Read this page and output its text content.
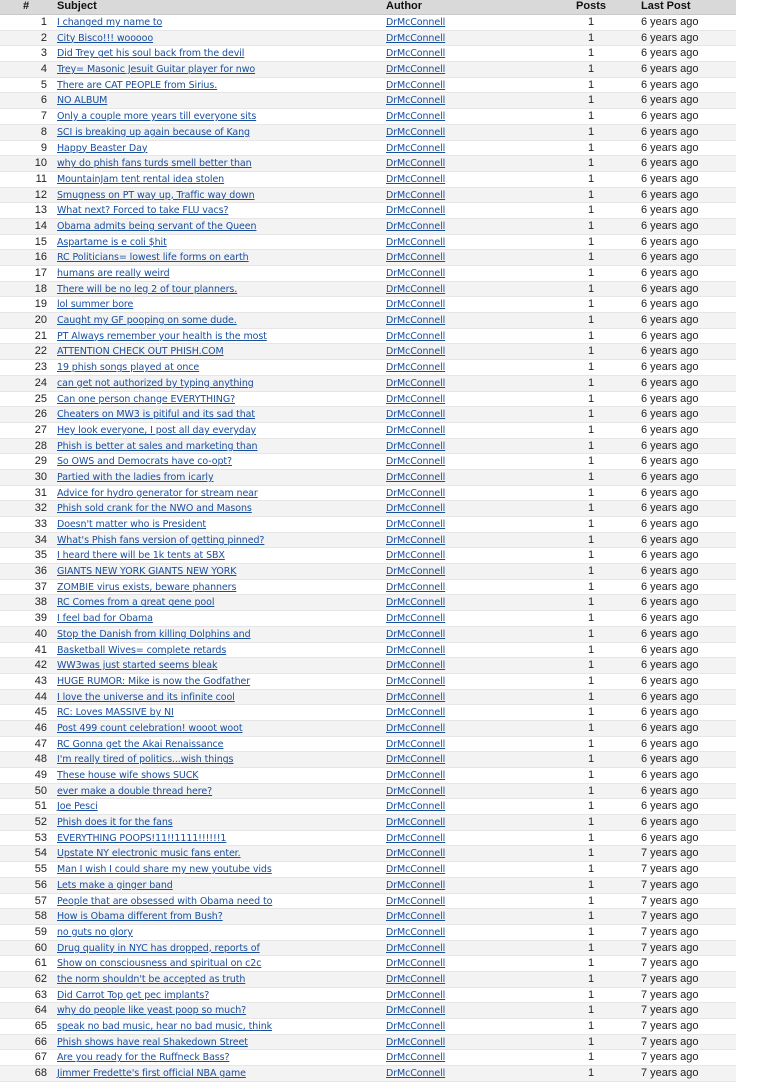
#	Subject	Author	Posts	Last Post
1	I changed my name to	DrMcConnell	1	6 years ago
2	City Bisco!!! wooooo	DrMcConnell	1	6 years ago
3	Did Trey get his soul back from the devil	DrMcConnell	1	6 years ago
4	Trey= Masonic Jesuit Guitar player for nwo	DrMcConnell	1	6 years ago
5	There are CAT PEOPLE from Sirius.	DrMcConnell	1	6 years ago
6	NO ALBUM	DrMcConnell	1	6 years ago
7	Only a couple more years till everyone sits	DrMcConnell	1	6 years ago
8	SCI is breaking up again because of Kang	DrMcConnell	1	6 years ago
9	Happy Beaster Day	DrMcConnell	1	6 years ago
10	why do phish fans turds smell better than	DrMcConnell	1	6 years ago
11	MountainJam tent rental idea stolen	DrMcConnell	1	6 years ago
12	Smugness on PT way up, Traffic way down	DrMcConnell	1	6 years ago
13	What next? Forced to take FLU vacs?	DrMcConnell	1	6 years ago
14	Obama admits being servant of the Queen	DrMcConnell	1	6 years ago
15	Aspartame is e coli $hit	DrMcConnell	1	6 years ago
16	RC Politicians= lowest life forms on earth	DrMcConnell	1	6 years ago
17	humans are really weird	DrMcConnell	1	6 years ago
18	There will be no leg 2 of tour planners.	DrMcConnell	1	6 years ago
19	lol summer bore	DrMcConnell	1	6 years ago
20	Caught my GF pooping on some dude.	DrMcConnell	1	6 years ago
21	PT Always remember your health is the most	DrMcConnell	1	6 years ago
22	ATTENTION CHECK OUT PHISH.COM	DrMcConnell	1	6 years ago
23	19 phish songs played at once	DrMcConnell	1	6 years ago
24	can get not authorized by typing anything	DrMcConnell	1	6 years ago
25	Can one person change EVERYTHING?	DrMcConnell	1	6 years ago
26	Cheaters on MW3 is pitiful and its sad that	DrMcConnell	1	6 years ago
27	Hey look everyone, I post all day everyday	DrMcConnell	1	6 years ago
28	Phish is better at sales and marketing than	DrMcConnell	1	6 years ago
29	So OWS and Democrats have co-opt?	DrMcConnell	1	6 years ago
30	Partied with the ladies from icarly	DrMcConnell	1	6 years ago
31	Advice for hydro generator for stream near	DrMcConnell	1	6 years ago
32	Phish sold crank for the NWO and Masons	DrMcConnell	1	6 years ago
33	Doesn't matter who is President	DrMcConnell	1	6 years ago
34	What's Phish fans version of getting pinned?	DrMcConnell	1	6 years ago
35	I heard there will be 1k tents at SBX	DrMcConnell	1	6 years ago
36	GIANTS NEW YORK GIANTS NEW YORK	DrMcConnell	1	6 years ago
37	ZOMBIE virus exists, beware phanners	DrMcConnell	1	6 years ago
38	RC Comes from a great gene pool	DrMcConnell	1	6 years ago
39	I feel bad for Obama	DrMcConnell	1	6 years ago
40	Stop the Danish from killing Dolphins and	DrMcConnell	1	6 years ago
41	Basketball Wives= complete retards	DrMcConnell	1	6 years ago
42	WW3was just started seems bleak	DrMcConnell	1	6 years ago
43	HUGE RUMOR: Mike is now the Godfather	DrMcConnell	1	6 years ago
44	I love the universe and its infinite cool	DrMcConnell	1	6 years ago
45	RC: Loves MASSIVE by NI	DrMcConnell	1	6 years ago
46	Post 499 count celebration! wooot woot	DrMcConnell	1	6 years ago
47	RC Gonna get the Akai Renaissance	DrMcConnell	1	6 years ago
48	I'm really tired of politics...wish things	DrMcConnell	1	6 years ago
49	These house wife shows SUCK	DrMcConnell	1	6 years ago
50	ever make a double thread here?	DrMcConnell	1	6 years ago
51	Joe Pesci	DrMcConnell	1	6 years ago
52	Phish does it for the fans	DrMcConnell	1	6 years ago
53	EVERYTHING POOPS!11!!1111!!!!!!1	DrMcConnell	1	6 years ago
54	Upstate NY electronic music fans enter.	DrMcConnell	1	7 years ago
55	Man I wish I could share my new youtube vids	DrMcConnell	1	7 years ago
56	Lets make a ginger band	DrMcConnell	1	7 years ago
57	People that are obsessed with Obama need to	DrMcConnell	1	7 years ago
58	How is Obama different from Bush?	DrMcConnell	1	7 years ago
59	no guts no glory	DrMcConnell	1	7 years ago
60	Drug quality in NYC has dropped, reports of	DrMcConnell	1	7 years ago
61	Show on consciousness and spiritual on c2c	DrMcConnell	1	7 years ago
62	the norm shouldn't be accepted as truth	DrMcConnell	1	7 years ago
63	Did Carrot Top get pec implants?	DrMcConnell	1	7 years ago
64	why do people like yeast poop so much?	DrMcConnell	1	7 years ago
65	speak no bad music, hear no bad music, think	DrMcConnell	1	7 years ago
66	Phish shows have real Shakedown Street	DrMcConnell	1	7 years ago
67	Are you ready for the Ruffneck Bass?	DrMcConnell	1	7 years ago
68	Jimmer Fredette's first official NBA game	DrMcConnell	1	7 years ago
